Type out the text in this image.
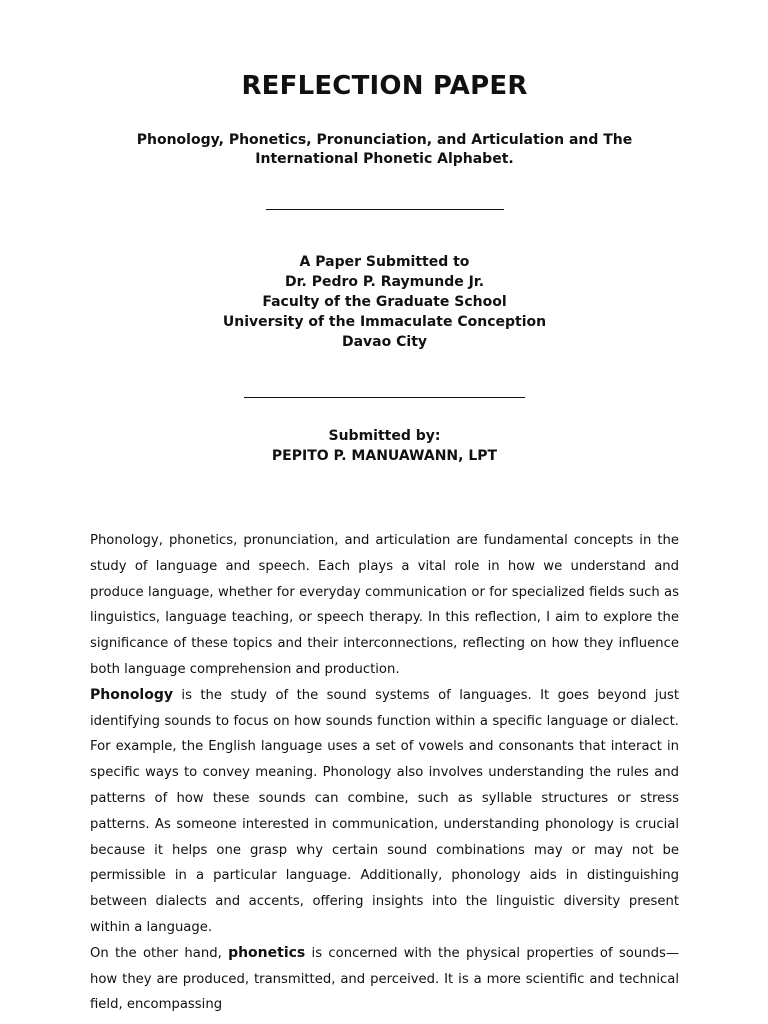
REFLECTION PAPER
Phonology, Phonetics, Pronunciation, and Articulation and The International Phonetic Alphabet.
A Paper Submitted to
Dr. Pedro P. Raymunde Jr.
Faculty of the Graduate School
University of the Immaculate Conception
Davao City
Submitted by:
PEPITO P. MANUAWANN, LPT

Phonology, phonetics, pronunciation, and articulation are fundamental concepts in the study of language and speech. Each plays a vital role in how we understand and produce language, whether for everyday communication or for specialized fields such as linguistics, language teaching, or speech therapy. In this reflection, I aim to explore the significance of these topics and their interconnections, reflecting on how they influence both language comprehension and production.

Phonology is the study of the sound systems of languages. It goes beyond just identifying sounds to focus on how sounds function within a specific language or dialect. For example, the English language uses a set of vowels and consonants that interact in specific ways to convey meaning. Phonology also involves understanding the rules and patterns of how these sounds can combine, such as syllable structures or stress patterns. As someone interested in communication, understanding phonology is crucial because it helps one grasp why certain sound combinations may or may not be permissible in a particular language. Additionally, phonology aids in distinguishing between dialects and accents, offering insights into the linguistic diversity present within a language.

On the other hand, phonetics is concerned with the physical properties of sounds—how they are produced, transmitted, and perceived. It is a more scientific and technical field, encompassing
